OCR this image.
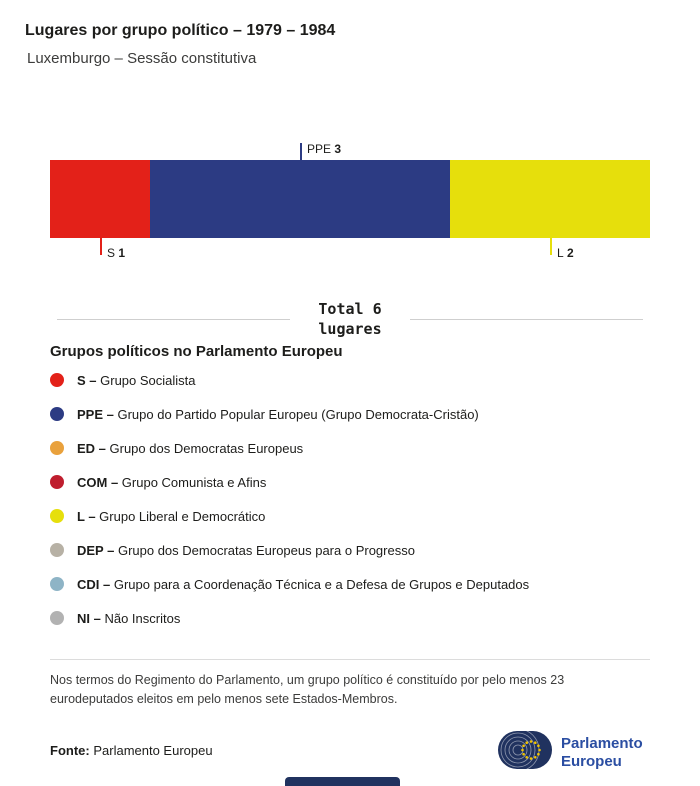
Lugares por grupo político – 1979 – 1984
Luxemburgo – Sessão constitutiva
S 1
PPE 3
L 2
Total 6
lugares
Grupos políticos no Parlamento Europeu
S – Grupo Socialista
PPE – Grupo do Partido Popular Europeu (Grupo Democrata-Cristão)
ED – Grupo dos Democratas Europeus
COM – Grupo Comunista e Afins
L – Grupo Liberal e Democrático
DEP – Grupo dos Democratas Europeus para o Progresso
CDI – Grupo para a Coordenação Técnica e a Defesa de Grupos e Deputados
NI – Não Inscritos

Nos termos do Regimento do Parlamento, um grupo político é constituído por pelo menos 23 eurodeputados eleitos em pelo menos sete Estados-Membros.

Fonte: Parlamento Europeu	Parlamento
Europeu
